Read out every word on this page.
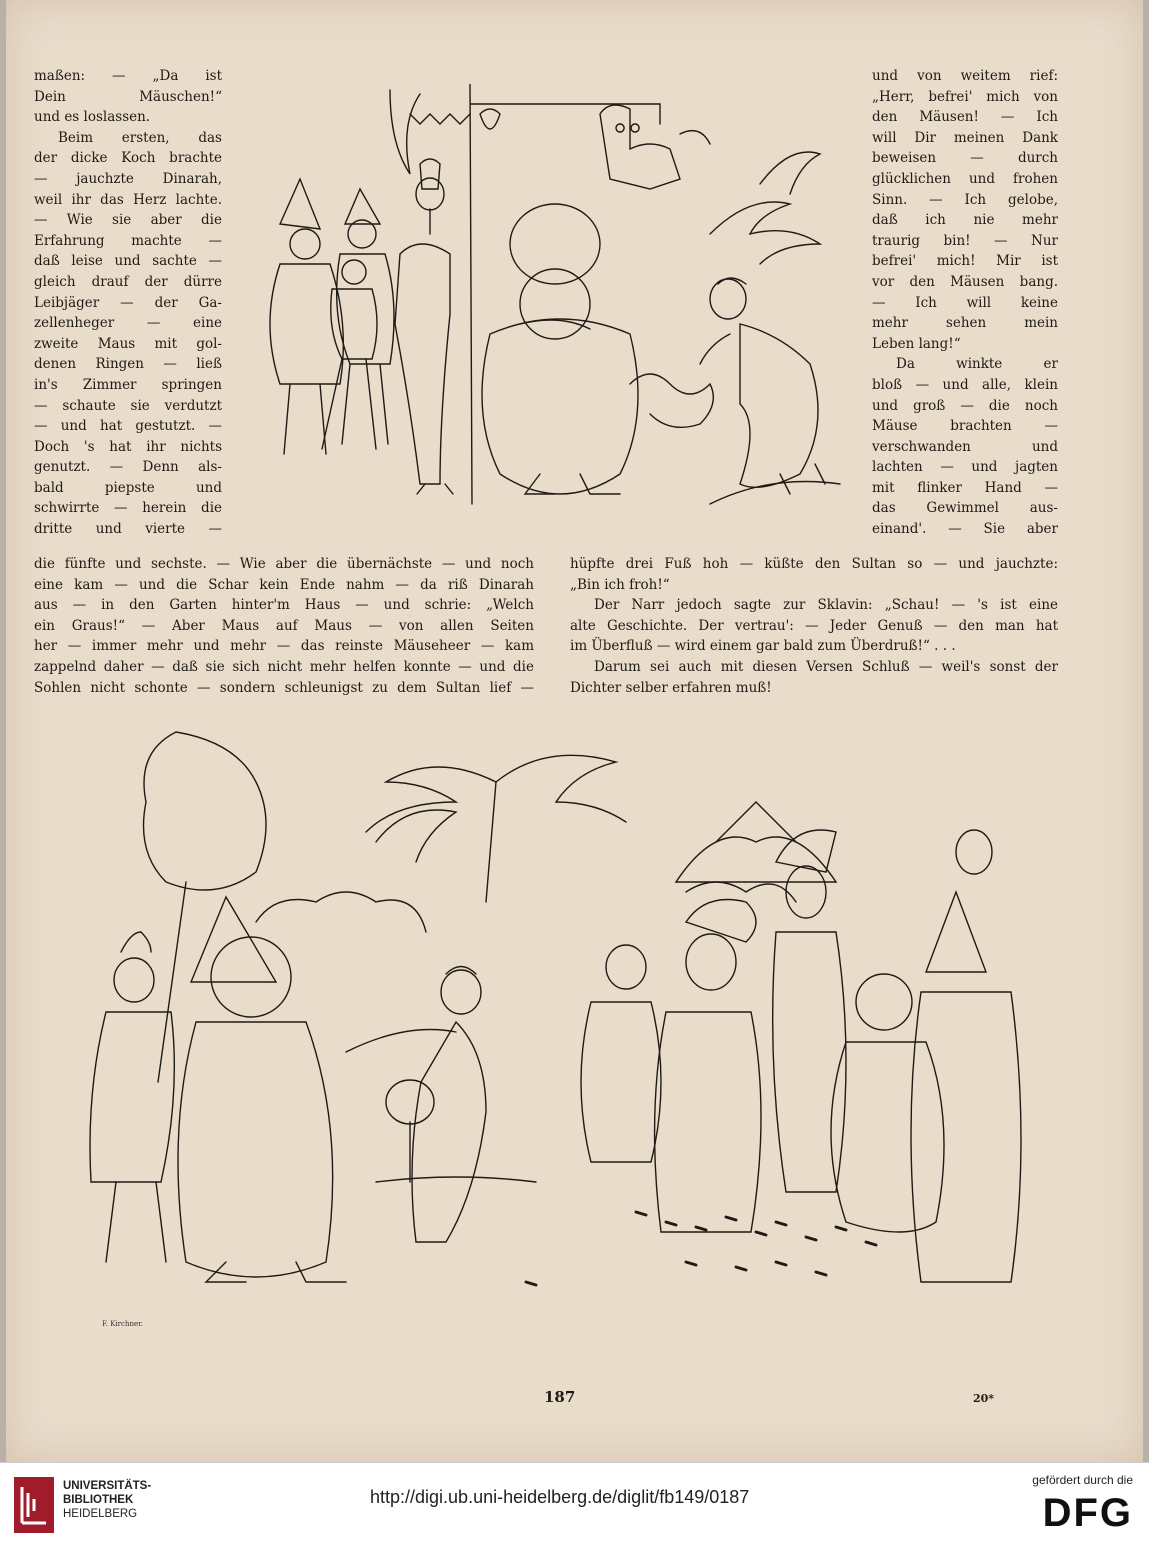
maßen: — „Da ist

Dein Mäuschen!“

und es loslassen.

Beim ersten, das

der dicke Koch brachte

— jauchzte Dinarah,

weil ihr das Herz lachte.

— Wie sie aber die

Erfahrung machte —

daß leise und sachte —

gleich drauf der dürre

Leibjäger — der Ga-

zellenheger — eine

zweite Maus mit gol-

denen Ringen — ließ

in's Zimmer springen

— schaute sie verdutzt

— und hat gestutzt. —

Doch 's hat ihr nichts

genutzt. — Denn als-

bald piepste und

schwirrte — herein die

dritte und vierte —

und von weitem rief:

„Herr, befrei' mich von

den Mäusen! — Ich

will Dir meinen Dank

beweisen — durch

glücklichen und frohen

Sinn. — Ich gelobe,

daß ich nie mehr

traurig bin! — Nur

befrei' mich! Mir ist

vor den Mäusen bang.

— Ich will keine

mehr sehen mein

Leben lang!“

Da winkte er

bloß — und alle, klein

und groß — die noch

Mäuse brachten —

verschwanden und

lachten — und jagten

mit flinker Hand —

das Gewimmel aus-

einand'. — Sie aber

die fünfte und sechste. — Wie aber die übernächste — und noch

eine kam — und die Schar kein Ende nahm — da riß Dinarah

aus — in den Garten hinter'm Haus — und schrie: „Welch

ein Graus!“ — Aber Maus auf Maus — von allen Seiten

her — immer mehr und mehr — das reinste Mäuseheer — kam

zappelnd daher — daß sie sich nicht mehr helfen konnte — und die

Sohlen nicht schonte — sondern schleunigst zu dem Sultan lief —

hüpfte drei Fuß hoh — küßte den Sultan so — und jauchzte:

„Bin ich froh!“

Der Narr jedoch sagte zur Sklavin: „Schau! — 's ist eine

alte Geschichte. Der vertrau': — Jeder Genuß — den man hat

im Überfluß — wird einem gar bald zum Überdruß!“ . . .

Darum sei auch mit diesen Versen Schluß — weil's sonst der

Dichter selber erfahren muß!

F. Kirchner.
187	20*
UNIVERSITÄTS-
BIBLIOTHEK
HEIDELBERG
http://digi.ub.uni-heidelberg.de/diglit/fb149/0187
gefördert durch die
DFG
